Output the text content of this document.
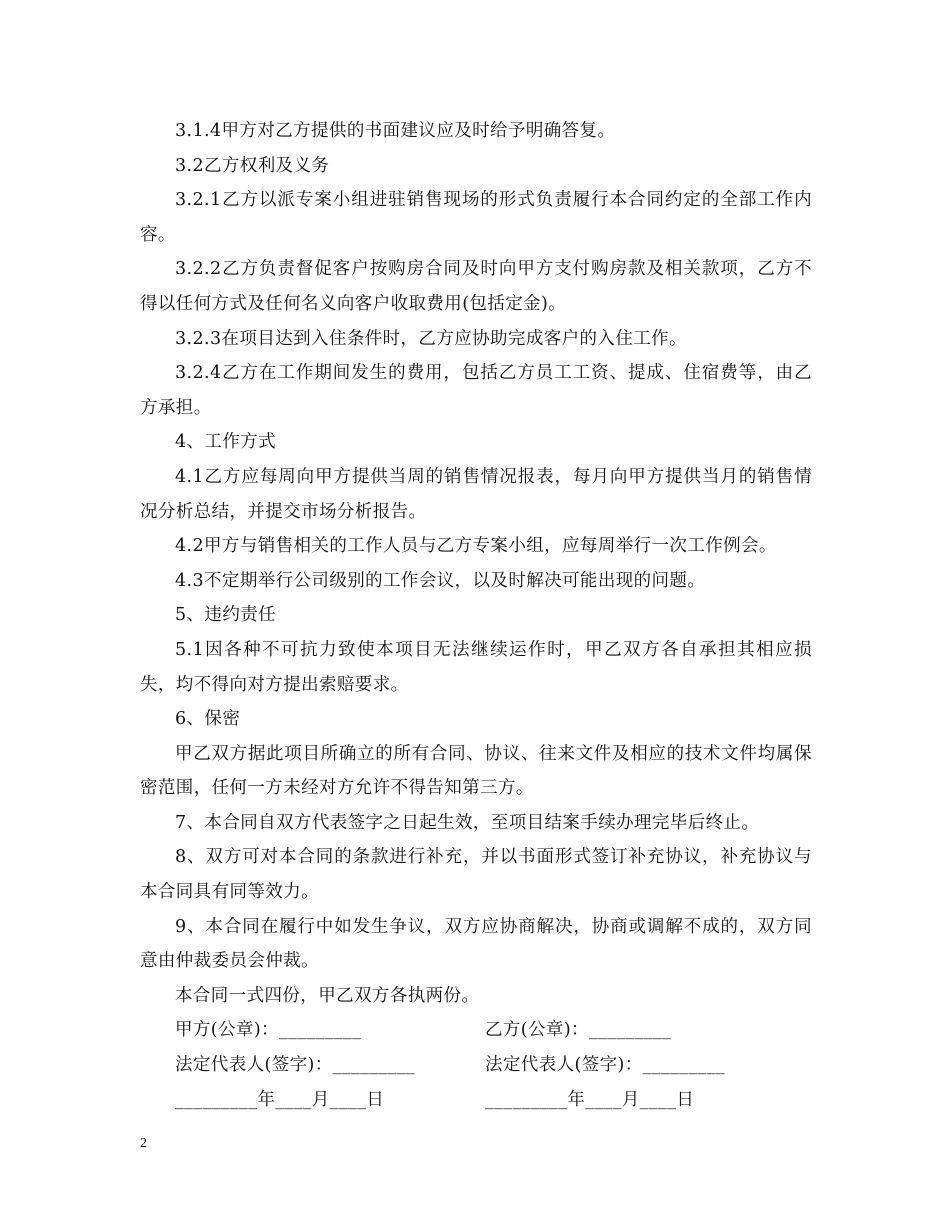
3.1.4甲方对乙方提供的书面建议应及时给予明确答复。

3.2乙方权利及义务

3.2.1乙方以派专案小组进驻销售现场的形式负责履行本合同约定的全部工作内容。

3.2.2乙方负责督促客户按购房合同及时向甲方支付购房款及相关款项，乙方不得以任何方式及任何名义向客户收取费用(包括定金)。

3.2.3在项目达到入住条件时，乙方应协助完成客户的入住工作。

3.2.4乙方在工作期间发生的费用，包括乙方员工工资、提成、住宿费等，由乙方承担。

4、工作方式

4.1乙方应每周向甲方提供当周的销售情况报表，每月向甲方提供当月的销售情况分析总结，并提交市场分析报告。

4.2甲方与销售相关的工作人员与乙方专案小组，应每周举行一次工作例会。

4.3不定期举行公司级别的工作会议，以及时解决可能出现的问题。

5、违约责任

5.1因各种不可抗力致使本项目无法继续运作时，甲乙双方各自承担其相应损失，均不得向对方提出索赔要求。

6、保密

甲乙双方据此项目所确立的所有合同、协议、往来文件及相应的技术文件均属保密范围，任何一方未经对方允许不得告知第三方。

7、本合同自双方代表签字之日起生效，至项目结案手续办理完毕后终止。

8、双方可对本合同的条款进行补充，并以书面形式签订补充协议，补充协议与本合同具有同等效力。

9、本合同在履行中如发生争议，双方应协商解决，协商或调解不成的，双方同意由仲裁委员会仲裁。

本合同一式四份，甲乙双方各执两份。

甲方(公章)：_________	乙方(公章)：_________
法定代表人(签字)：_________	法定代表人(签字)：_________
_________年____月____日	_________年____月____日
2
